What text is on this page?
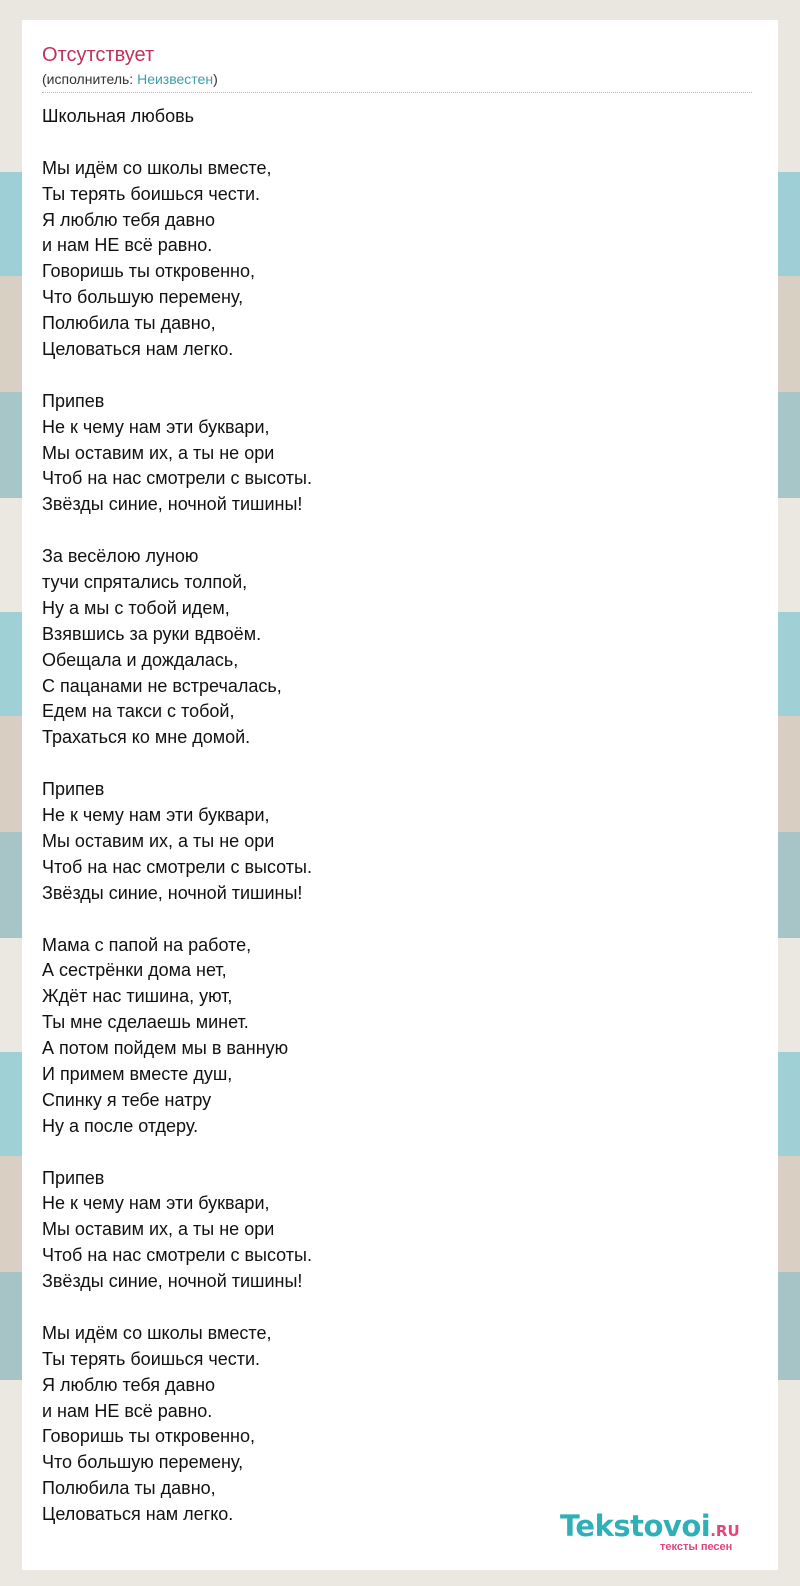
Отсутствует
(исполнитель: Неизвестен)
Школьная любовь
Мы идём со школы вместе,
Ты терять боишься чести.
Я люблю тебя давно
и нам НЕ всё равно.
Говоришь ты откровенно,
Что большую перемену,
Полюбила ты давно,
Целоваться нам легко.
Припев
Не к чему нам эти буквари,
Мы оставим их, а ты не ори
Чтоб на нас смотрели с высоты.
Звёзды синие, ночной тишины!
За весёлою луною
тучи спрятались толпой,
Ну а мы с тобой идем,
Взявшись за руки вдвоём.
Обещала и дождалась,
С пацанами не встречалась,
Едем на такси с тобой,
Трахаться ко мне домой.
Припев
Не к чему нам эти буквари,
Мы оставим их, а ты не ори
Чтоб на нас смотрели с высоты.
Звёзды синие, ночной тишины!
Мама с папой на работе,
А сестрёнки дома нет,
Ждёт нас тишина, уют,
Ты мне сделаешь минет.
А потом пойдем мы в ванную
И примем вместе душ,
Спинку я тебе натру
Ну а после отдеру.
Припев
Не к чему нам эти буквари,
Мы оставим их, а ты не ори
Чтоб на нас смотрели с высоты.
Звёзды синие, ночной тишины!
Мы идём со школы вместе,
Ты терять боишься чести.
Я люблю тебя давно
и нам НЕ всё равно.
Говоришь ты откровенно,
Что большую перемену,
Полюбила ты давно,
Целоваться нам легко.	Tekstovoi.RU
тексты песен
